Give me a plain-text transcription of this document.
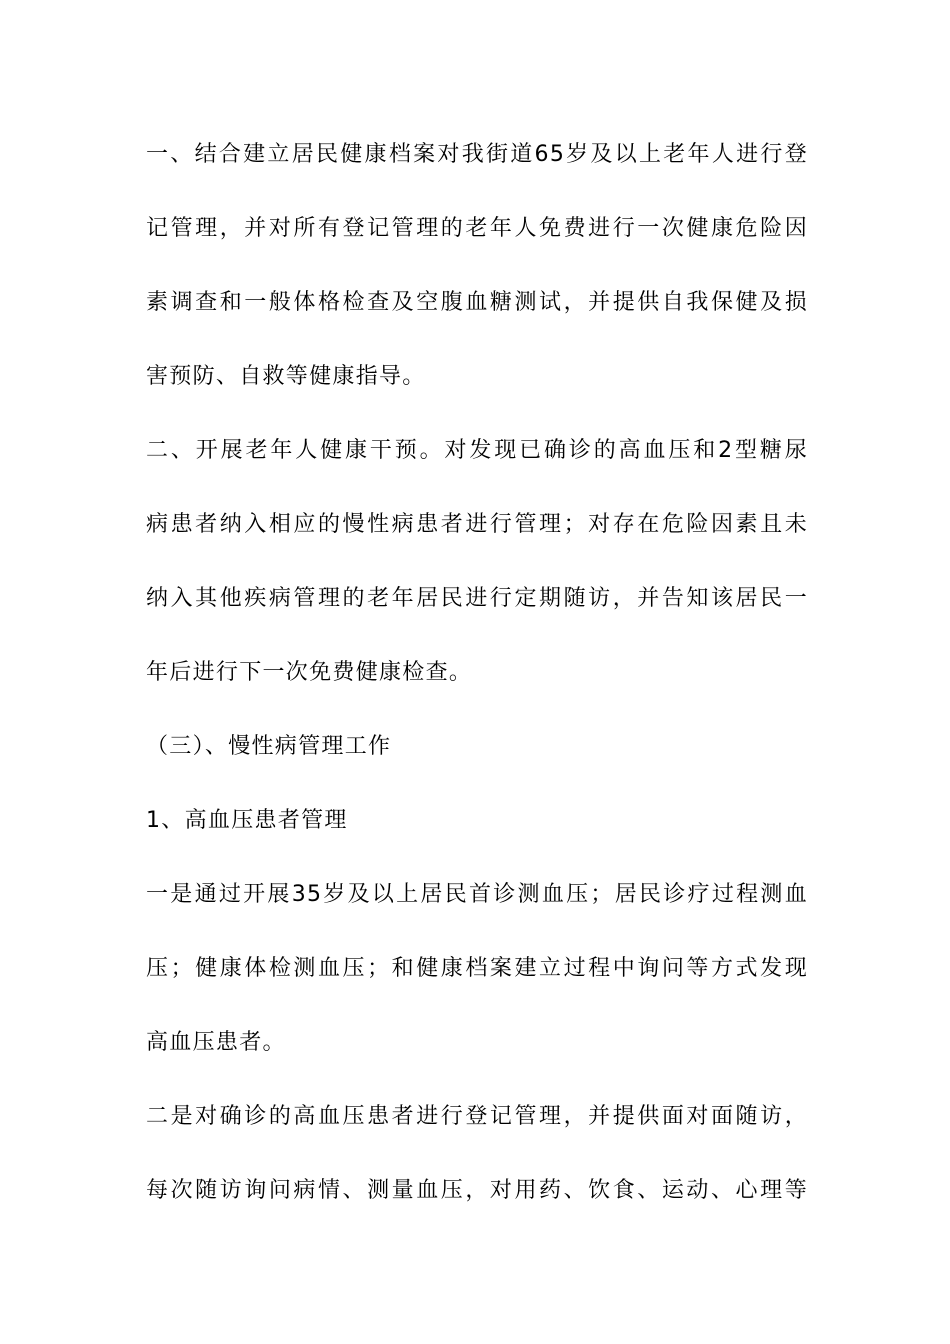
一、结合建立居民健康档案对我街道65岁及以上老年人进行登
记管理，并对所有登记管理的老年人免费进行一次健康危险因
素调查和一般体格检查及空腹血糖测试，并提供自我保健及损
害预防、自救等健康指导。
二、开展老年人健康干预。对发现已确诊的高血压和2型糖尿
病患者纳入相应的慢性病患者进行管理；对存在危险因素且未
纳入其他疾病管理的老年居民进行定期随访，并告知该居民一
年后进行下一次免费健康检查。
（三）、慢性病管理工作
1、高血压患者管理
一是通过开展35岁及以上居民首诊测血压；居民诊疗过程测血
压；健康体检测血压；和健康档案建立过程中询问等方式发现
高血压患者。
二是对确诊的高血压患者进行登记管理，并提供面对面随访，
每次随访询问病情、测量血压，对用药、饮食、运动、心理等
